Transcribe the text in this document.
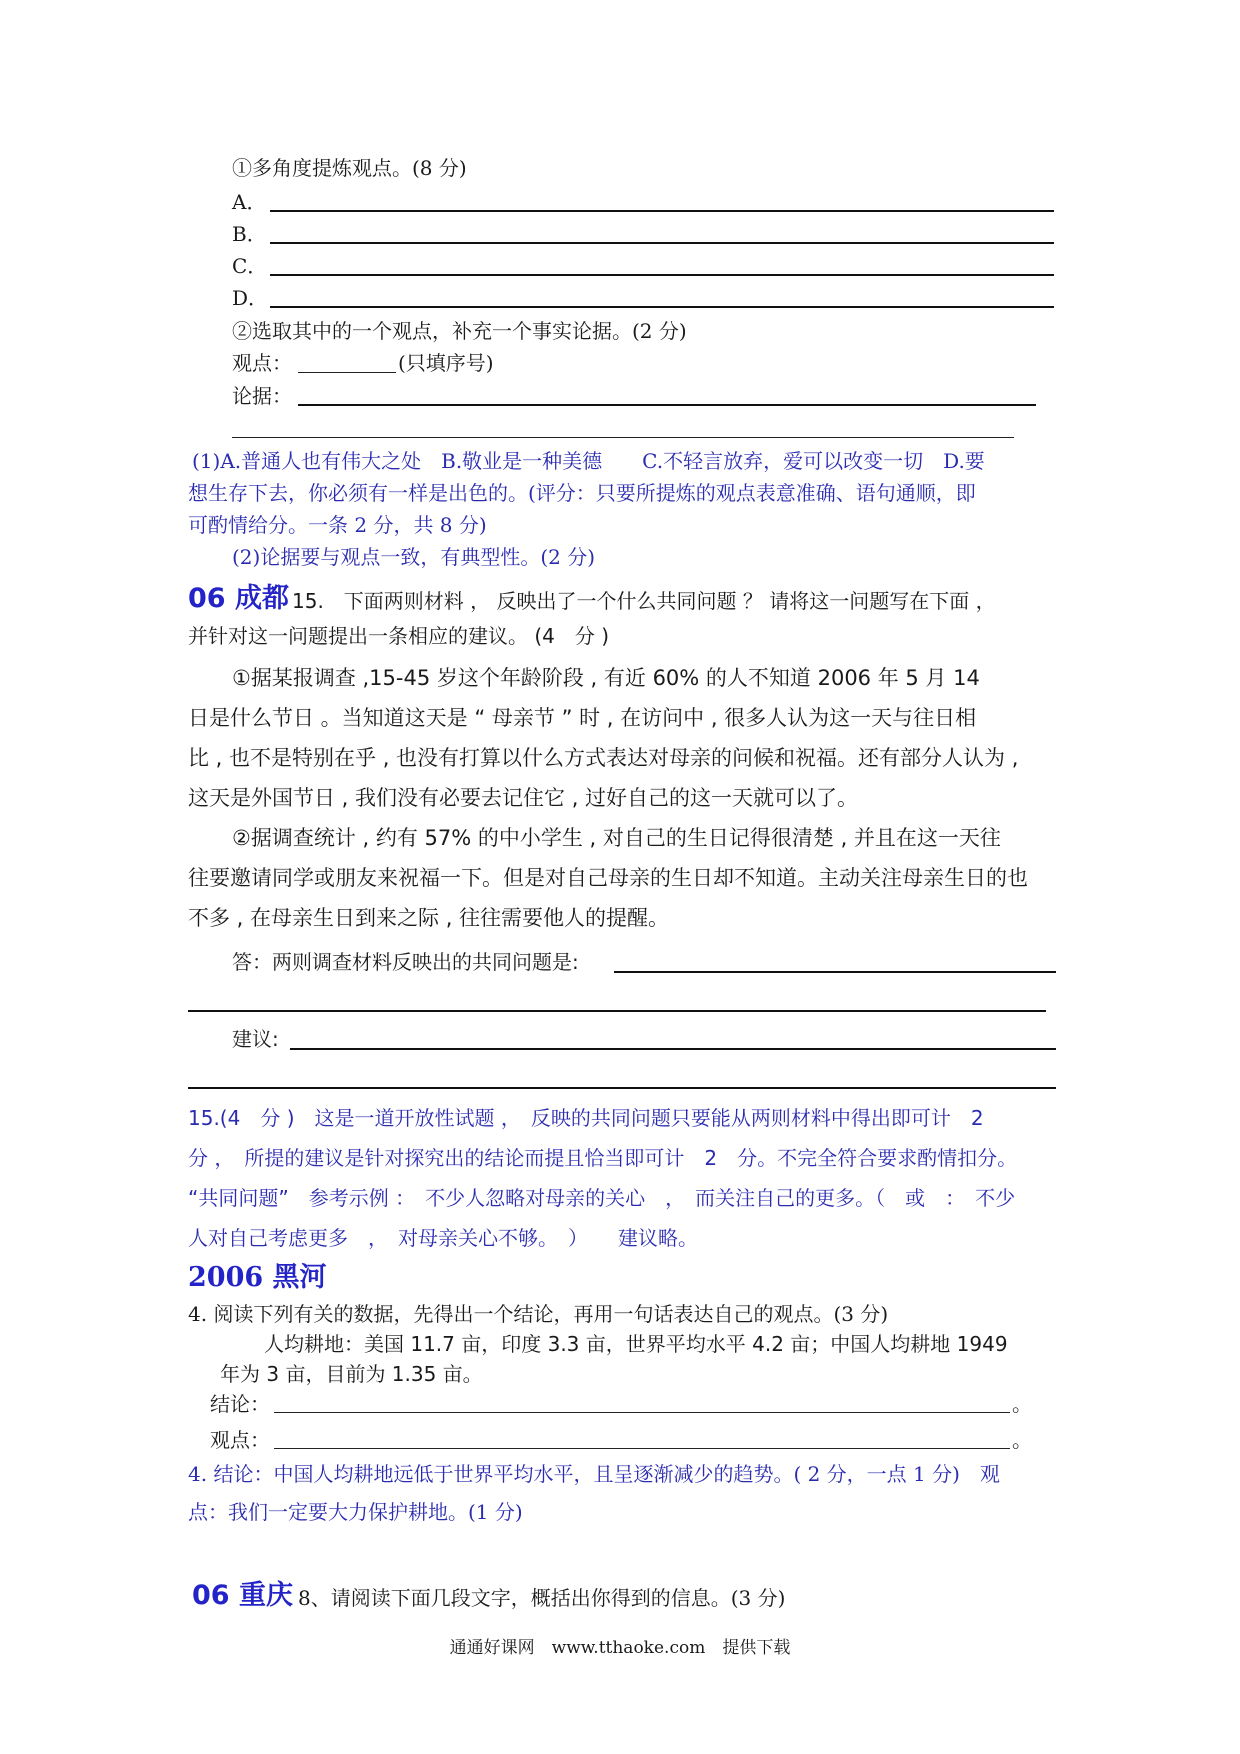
①多角度提炼观点。(8 分)
A．
B．
C．
D．
②选取其中的一个观点，补充一个事实论据。(2 分)
观点：	(只填序号)
论据：
(1)A.普通人也有伟大之处　B.敬业是一种美德　　C.不轻言放弃，爱可以改变一切　D.要
想生存下去，你必须有一样是出色的。(评分：只要所提炼的观点表意准确、语句通顺，即
可酌情给分。一条 2 分，共 8 分)
(2)论据要与观点一致，有典型性。(2 分)
06 成都 15.　下面两则材料 ， 反映出了一个什么共同问题 ？ 请将这一问题写在下面 ，
并针对这一问题提出一条相应的建议。 (4　分 )
①据某报调查 ,15-45 岁这个年龄阶段 , 有近 60% 的人不知道 2006 年 5 月 14
日是什么节日 。当知道这天是 “ 母亲节 ” 时 , 在访问中 , 很多人认为这一天与往日相
比 , 也不是特别在乎 , 也没有打算以什么方式表达对母亲的问候和祝福。还有部分人认为 ,
这天是外国节日 , 我们没有必要去记住它 , 过好自己的这一天就可以了。
②据调查统计 , 约有 57% 的中小学生 , 对自己的生日记得很清楚 , 并且在这一天往
往要邀请同学或朋友来祝福一下。但是对自己母亲的生日却不知道。主动关注母亲生日的也
不多 , 在母亲生日到来之际 , 往往需要他人的提醒。
答：两则调查材料反映出的共同问题是:
建议:
15.(4　分 )　这是一道开放性试题 ，　反映的共同问题只要能从两则材料中得出即可计　2
分 ，　所提的建议是针对探究出的结论而提且恰当即可计　2　分。不完全符合要求酌情扣分。
“共同问题”　参考示例 ：　不少人忽略对母亲的关心　，　而关注自己的更多。（　或　：　不少
人对自己考虑更多　，　对母亲关心不够。　）　　建议略。
2006 黑河
4. 阅读下列有关的数据，先得出一个结论，再用一句话表达自己的观点。(3 分)
人均耕地：美国 11.7 亩，印度 3.3 亩，世界平均水平 4.2 亩；中国人均耕地 1949
年为 3 亩，目前为 1.35 亩。
结论：	。
观点：	。
4. 结论：中国人均耕地远低于世界平均水平，且呈逐渐减少的趋势。( 2 分，一点 1 分)　观
点：我们一定要大力保护耕地。(1 分)
06 重庆 8、请阅读下面几段文字，概括出你得到的信息。(3 分)
通通好课网　www.tthaoke.com　提供下载
